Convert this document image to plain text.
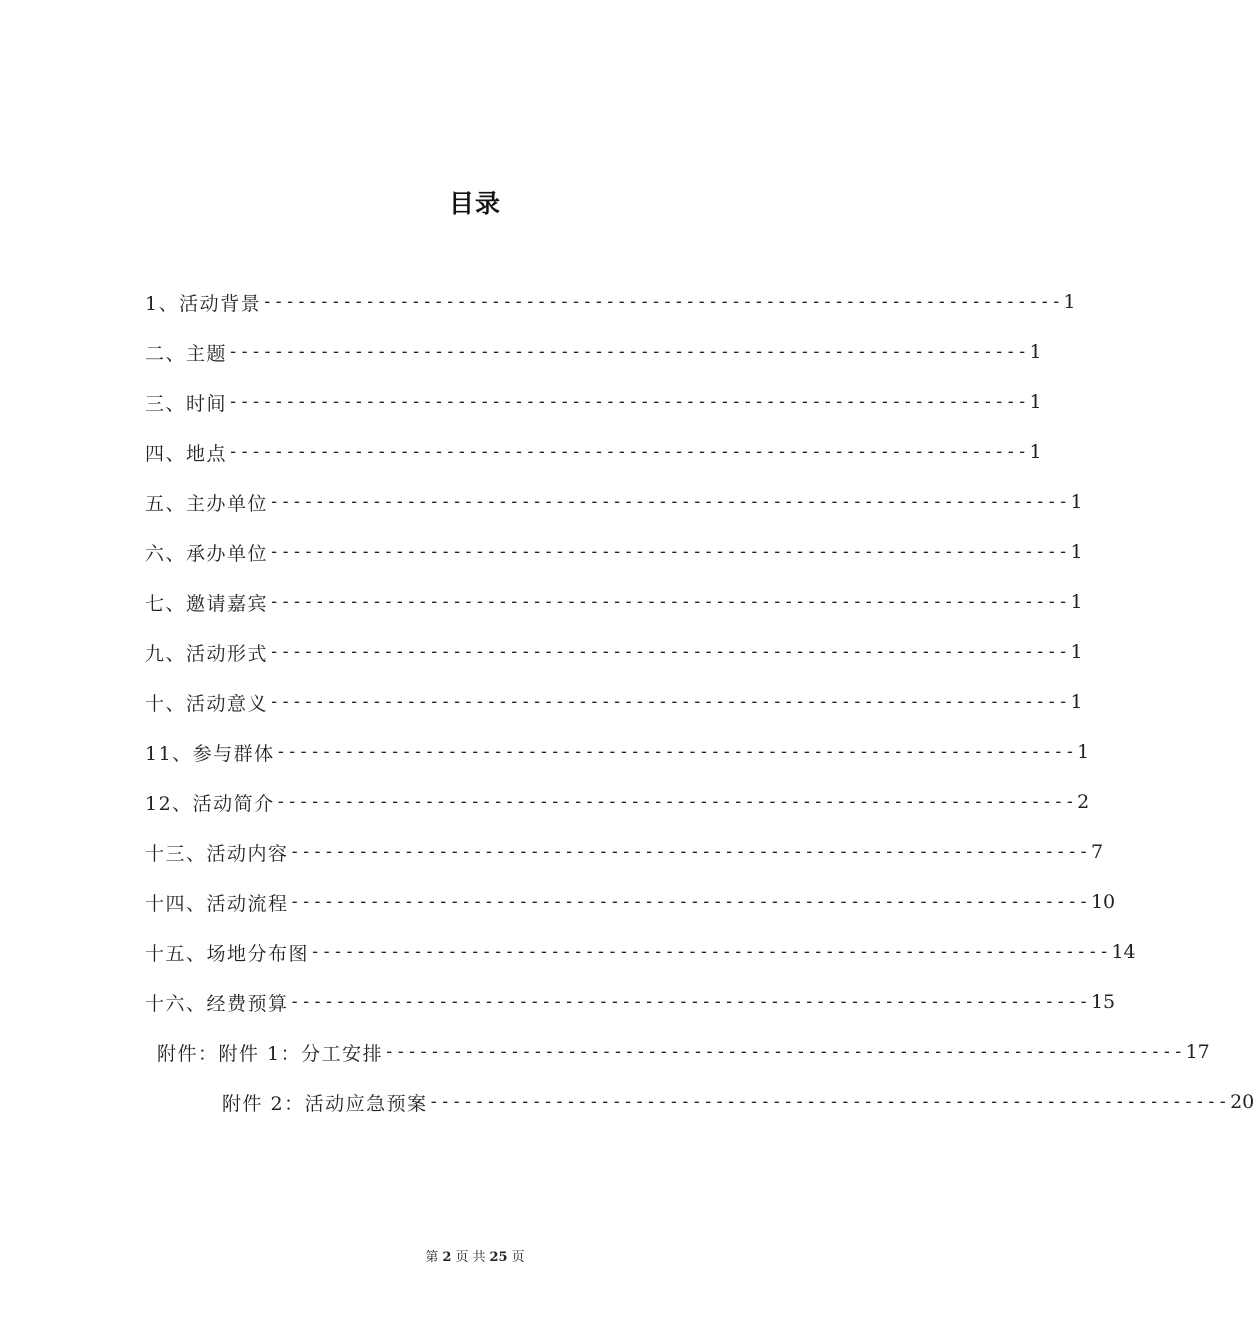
目录
1、活动背景 ---------------------------------------------------------------------- 1
二、主题 ---------------------------------------------------------------------- 1
三、时间 ---------------------------------------------------------------------- 1
四、地点 ---------------------------------------------------------------------- 1
五、主办单位 ---------------------------------------------------------------------- 1
六、承办单位 ---------------------------------------------------------------------- 1
七、邀请嘉宾 ---------------------------------------------------------------------- 1
九、活动形式 ---------------------------------------------------------------------- 1
十、活动意义 ---------------------------------------------------------------------- 1
11、参与群体 ---------------------------------------------------------------------- 1
12、活动简介 ---------------------------------------------------------------------- 2
十三、活动内容 ---------------------------------------------------------------------- 7
十四、活动流程 ---------------------------------------------------------------------- 10
十五、场地分布图 ---------------------------------------------------------------------- 14
十六、经费预算 ---------------------------------------------------------------------- 15
附件：附件 1：分工安排 ---------------------------------------------------------------------- 17
附件 2：活动应急预案 ---------------------------------------------------------------------- 20
第 2 页 共 25 页
